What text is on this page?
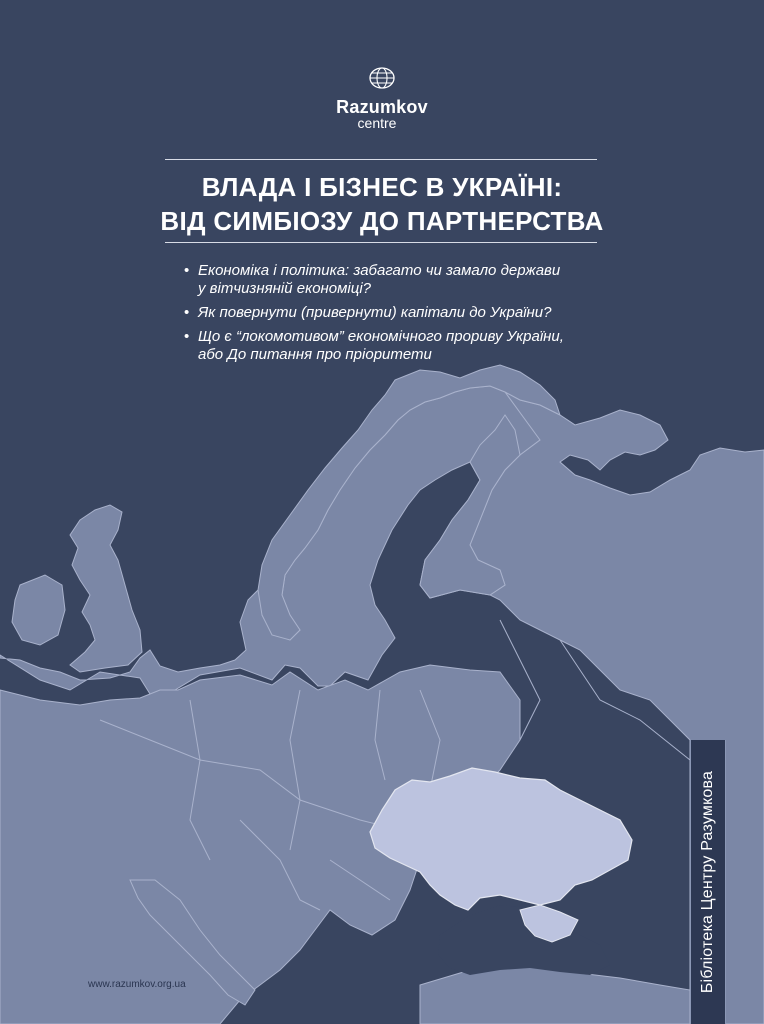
Razumkov
centre
ВЛАДА І БІЗНЕС В УКРАЇНІ:
ВІД СИМБІОЗУ ДО ПАРТНЕРСТВА
• Економіка і політика: забагато чи замало держави
у вітчизняній економіці?
• Як повернути (привернути) капітали до України?
• Що є “локомотивом” економічного прориву України,
або До питання про пріоритети
www.razumkov.org.ua	Бібліотека Центру Разумкова
